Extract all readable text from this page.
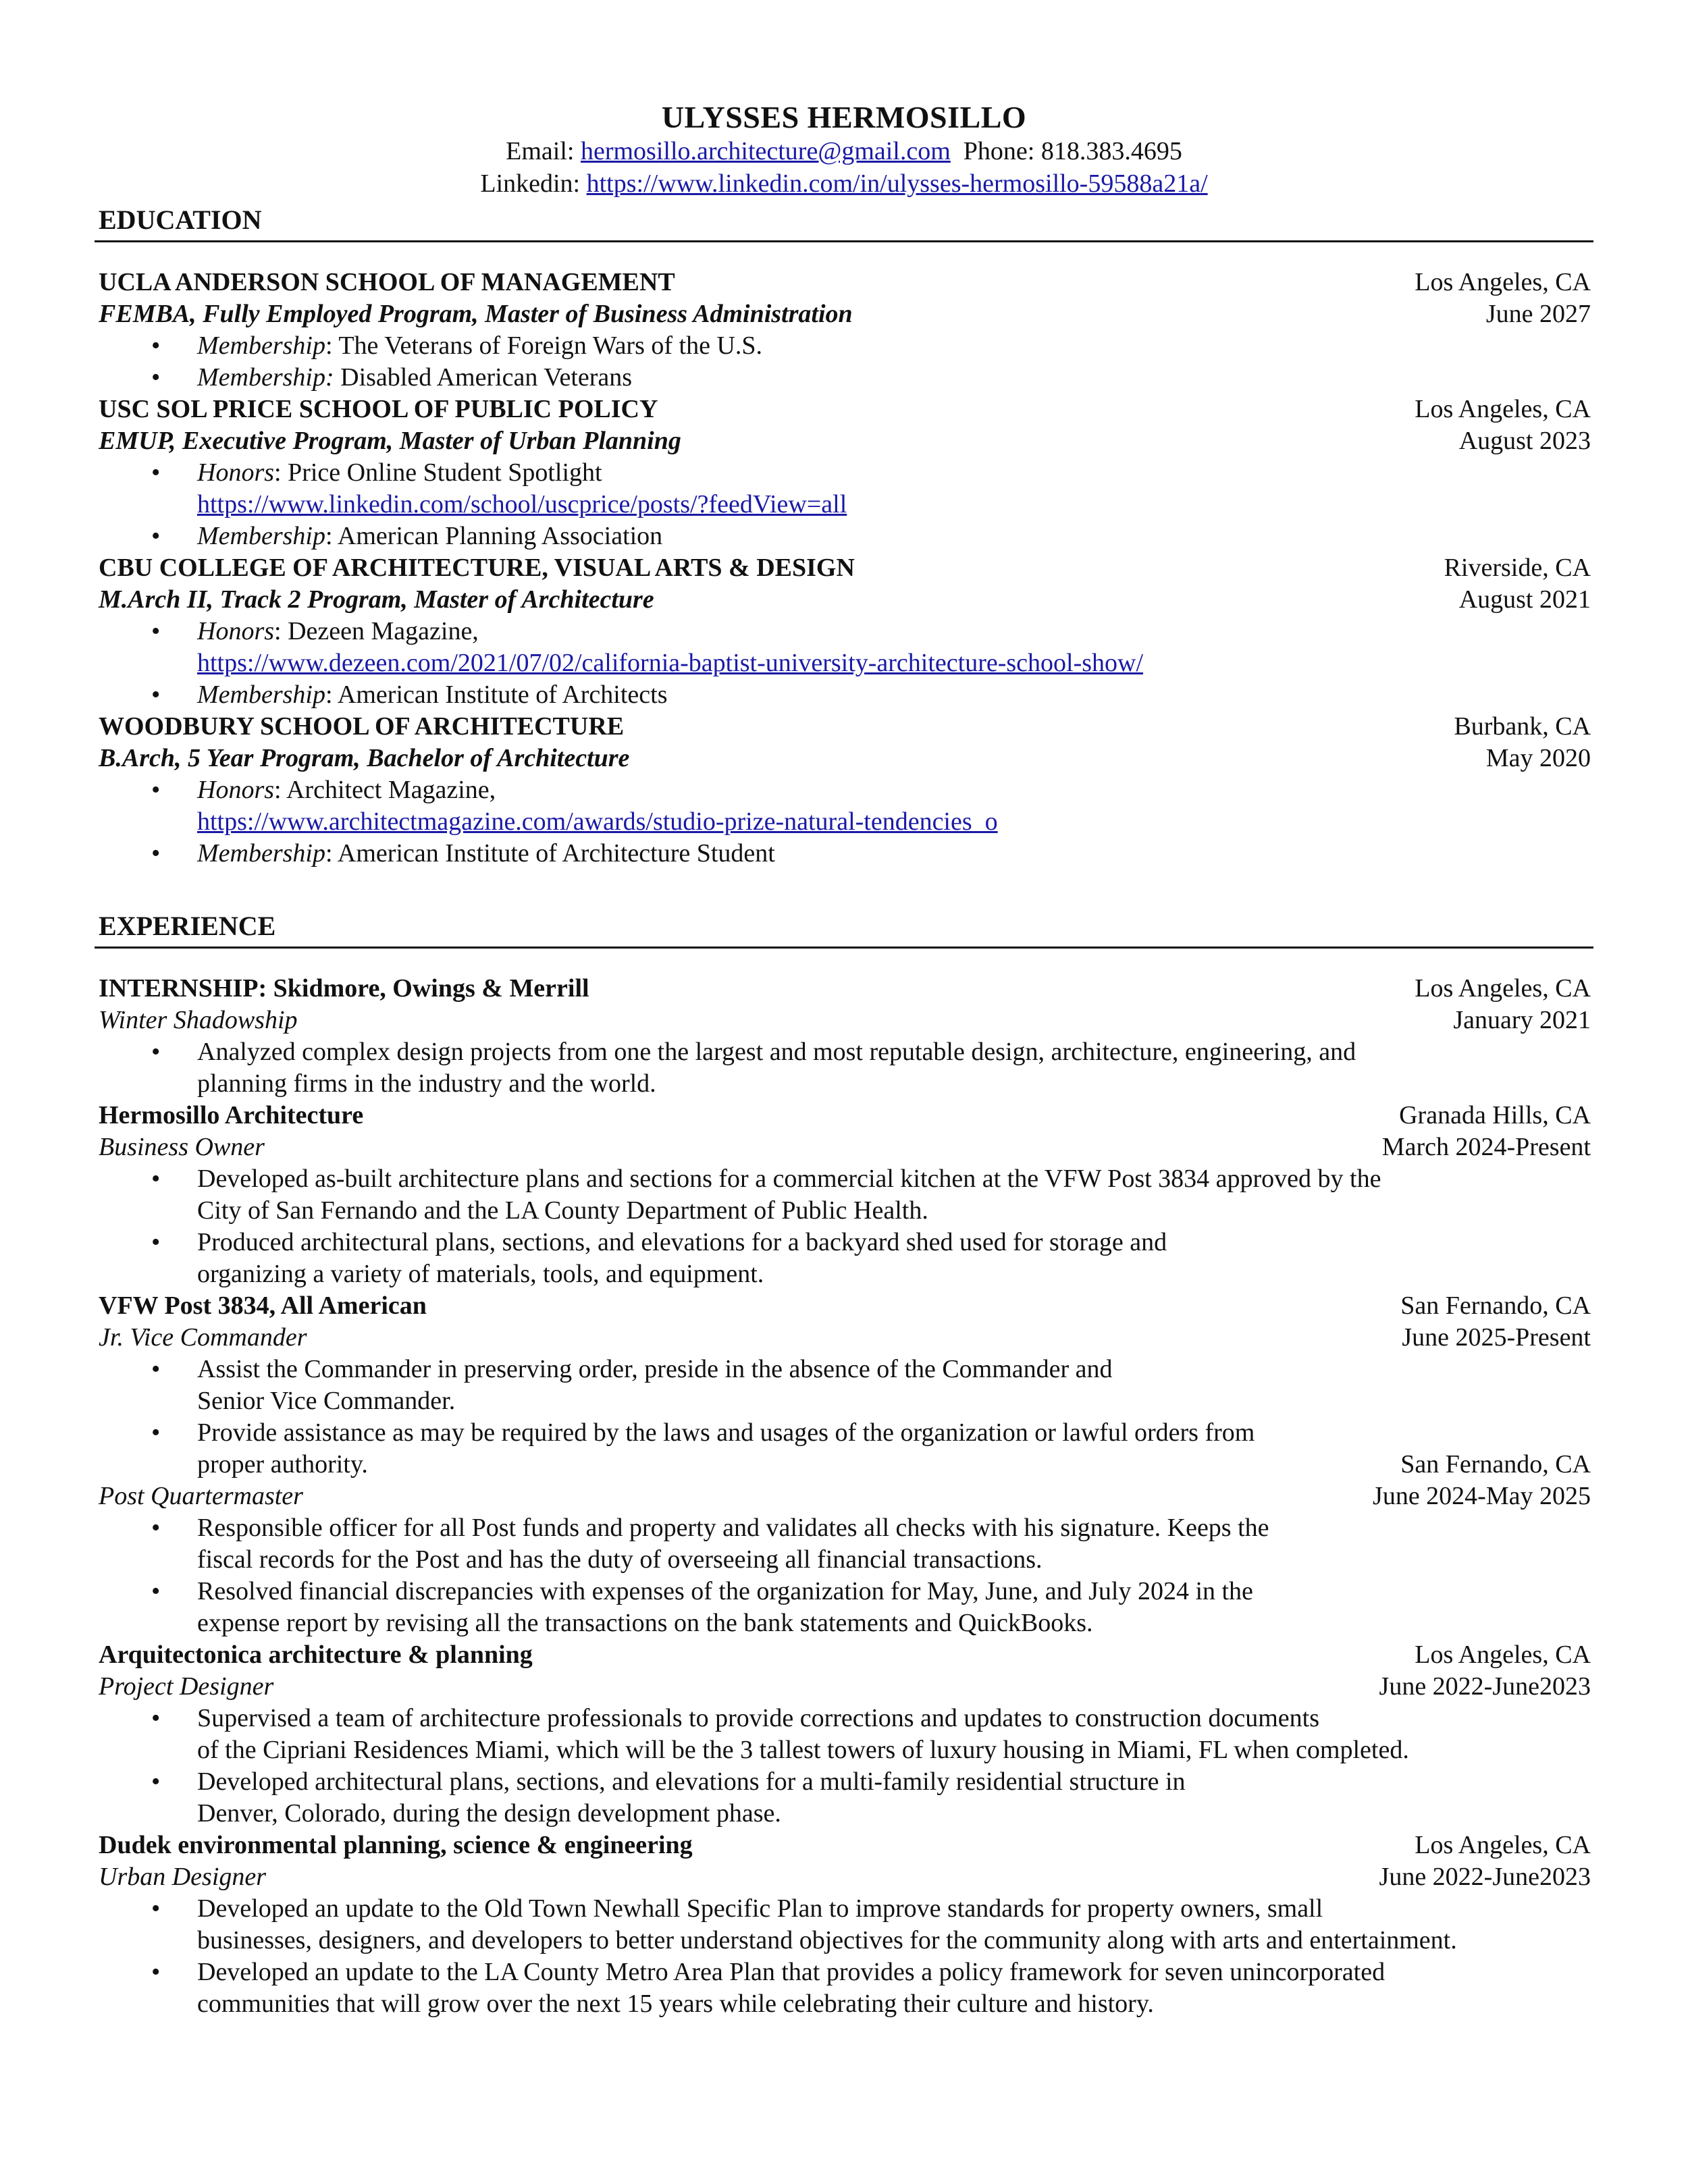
ULYSSES HERMOSILLO
Email: hermosillo.architecture@gmail.com Phone: 818.383.4695
Linkedin: https://www.linkedin.com/in/ulysses-hermosillo-59588a21a/
EDUCATION
UCLA ANDERSON SCHOOL OF MANAGEMENT	Los Angeles, CA
FEMBA, Fully Employed Program, Master of Business Administration	June 2027
• Membership: The Veterans of Foreign Wars of the U.S.
• Membership: Disabled American Veterans
USC SOL PRICE SCHOOL OF PUBLIC POLICY	Los Angeles, CA
EMUP, Executive Program, Master of Urban Planning	August 2023
• Honors: Price Online Student Spotlight
https://www.linkedin.com/school/uscprice/posts/?feedView=all
• Membership: American Planning Association
CBU COLLEGE OF ARCHITECTURE, VISUAL ARTS & DESIGN	Riverside, CA
M.Arch II, Track 2 Program, Master of Architecture	August 2021
• Honors: Dezeen Magazine,
https://www.dezeen.com/2021/07/02/california-baptist-university-architecture-school-show/
• Membership: American Institute of Architects
WOODBURY SCHOOL OF ARCHITECTURE	Burbank, CA
B.Arch, 5 Year Program, Bachelor of Architecture	May 2020
• Honors: Architect Magazine,
https://www.architectmagazine.com/awards/studio-prize-natural-tendencies_o
• Membership: American Institute of Architecture Student
EXPERIENCE
INTERNSHIP: Skidmore, Owings & Merrill	Los Angeles, CA
Winter Shadowship	January 2021
• Analyzed complex design projects from one the largest and most reputable design, architecture, engineering, and
planning firms in the industry and the world.
Hermosillo Architecture	Granada Hills, CA
Business Owner	March 2024-Present
• Developed as-built architecture plans and sections for a commercial kitchen at the VFW Post 3834 approved by the
City of San Fernando and the LA County Department of Public Health.
• Produced architectural plans, sections, and elevations for a backyard shed used for storage and
organizing a variety of materials, tools, and equipment.
VFW Post 3834, All American	San Fernando, CA
Jr. Vice Commander	June 2025-Present
• Assist the Commander in preserving order, preside in the absence of the Commander and
Senior Vice Commander.
• Provide assistance as may be required by the laws and usages of the organization or lawful orders from
proper authority.	San Fernando, CA
Post Quartermaster	June 2024-May 2025
• Responsible officer for all Post funds and property and validates all checks with his signature. Keeps the
fiscal records for the Post and has the duty of overseeing all financial transactions.
• Resolved financial discrepancies with expenses of the organization for May, June, and July 2024 in the
expense report by revising all the transactions on the bank statements and QuickBooks.
Arquitectonica architecture & planning	Los Angeles, CA
Project Designer	June 2022-June2023
• Supervised a team of architecture professionals to provide corrections and updates to construction documents
of the Cipriani Residences Miami, which will be the 3 tallest towers of luxury housing in Miami, FL when completed.
• Developed architectural plans, sections, and elevations for a multi-family residential structure in
Denver, Colorado, during the design development phase.
Dudek environmental planning, science & engineering	Los Angeles, CA
Urban Designer	June 2022-June2023
• Developed an update to the Old Town Newhall Specific Plan to improve standards for property owners, small
businesses, designers, and developers to better understand objectives for the community along with arts and entertainment.
• Developed an update to the LA County Metro Area Plan that provides a policy framework for seven unincorporated
communities that will grow over the next 15 years while celebrating their culture and history.
